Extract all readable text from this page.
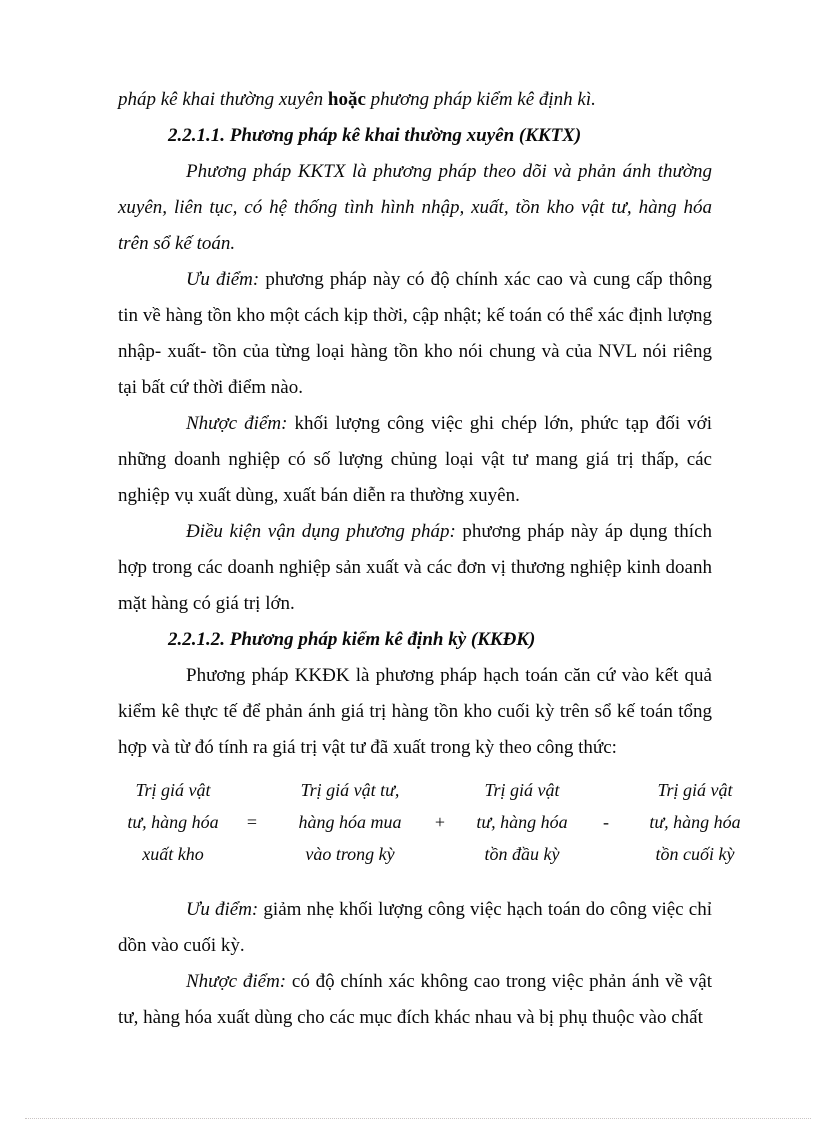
pháp kê khai thường xuyên hoặc phương pháp kiểm kê định kì.

2.2.1.1. Phương pháp kê khai thường xuyên (KKTX)

Phương pháp KKTX là phương pháp theo dõi và phản ánh thường xuyên, liên tục, có hệ thống tình hình nhập, xuất, tồn kho vật tư, hàng hóa trên sổ kế toán.

Ưu điểm: phương pháp này có độ chính xác cao và cung cấp thông tin về hàng tồn kho một cách kịp thời, cập nhật; kế toán có thể xác định lượng nhập- xuất- tồn của từng loại hàng tồn kho nói chung và của NVL nói riêng tại bất cứ thời điểm nào.

Nhược điểm: khối lượng công việc ghi chép lớn, phức tạp đối với những doanh nghiệp có số lượng chủng loại vật tư mang giá trị thấp, các nghiệp vụ xuất dùng, xuất bán diễn ra thường xuyên.

Điều kiện vận dụng phương pháp: phương pháp này áp dụng thích hợp trong các doanh nghiệp sản xuất và các đơn vị thương nghiệp kinh doanh mặt hàng có giá trị lớn.

2.2.1.2. Phương pháp kiểm kê định kỳ (KKĐK)

Phương pháp KKĐK là phương pháp hạch toán căn cứ vào kết quả kiểm kê thực tế để phản ánh giá trị hàng tồn kho cuối kỳ trên sổ kế toán tổng hợp và từ đó tính ra giá trị vật tư đã xuất trong kỳ theo công thức:

Trị giá vật
tư, hàng hóa
xuất kho
=
Trị giá vật tư,
hàng hóa mua
vào trong kỳ
+
Trị giá vật
tư, hàng hóa
tồn đầu kỳ
-
Trị giá vật
tư, hàng hóa
tồn cuối kỳ

Ưu điểm: giảm nhẹ khối lượng công việc hạch toán do công việc chỉ dồn vào cuối kỳ.

Nhược điểm: có độ chính xác không cao trong việc phản ánh về vật tư, hàng hóa xuất dùng cho các mục đích khác nhau và bị phụ thuộc vào chất
